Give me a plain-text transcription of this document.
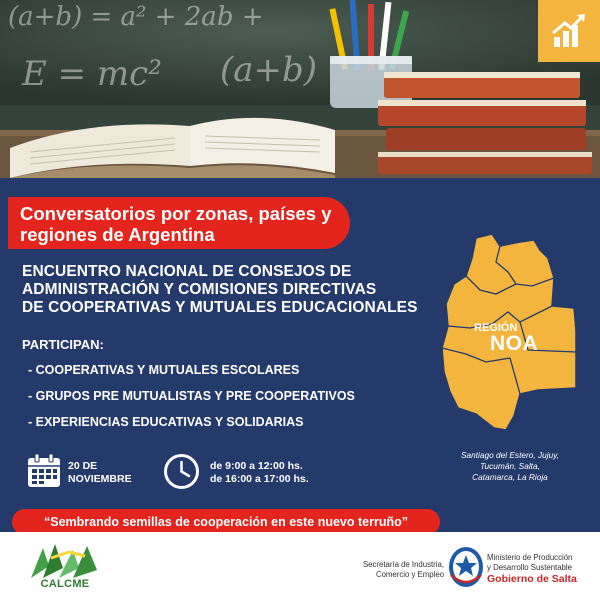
(a+b) = a² + 2ab +
E = mc² (a+b)
Conversatorios por zonas, países y
regiones de Argentina
ENCUENTRO NACIONAL DE CONSEJOS DE
ADMINISTRACIÓN Y COMISIONES DIRECTIVAS
DE COOPERATIVAS Y MUTUALES EDUCACIONALES
PARTICIPAN:
- COOPERATIVAS Y MUTUALES ESCOLARES
- GRUPOS PRE MUTUALISTAS Y PRE COOPERATIVOS
- EXPERIENCIAS EDUCATIVAS Y SOLIDARIAS
20 DE
NOVIEMBRE
de 9:00 a 12:00 hs.
de 16:00 a 17:00 hs.
REGIÓN
NOA
Santiago del Estero, Jujuy,
Tucumán, Salta,
Catamarca, La Rioja
“Sembrando semillas de cooperación en este nuevo terruño”
CALCME
Secretaría de Industria,
Comercio y Empleo
Ministerio de Producción
y Desarrollo Sustentable
Gobierno de Salta
